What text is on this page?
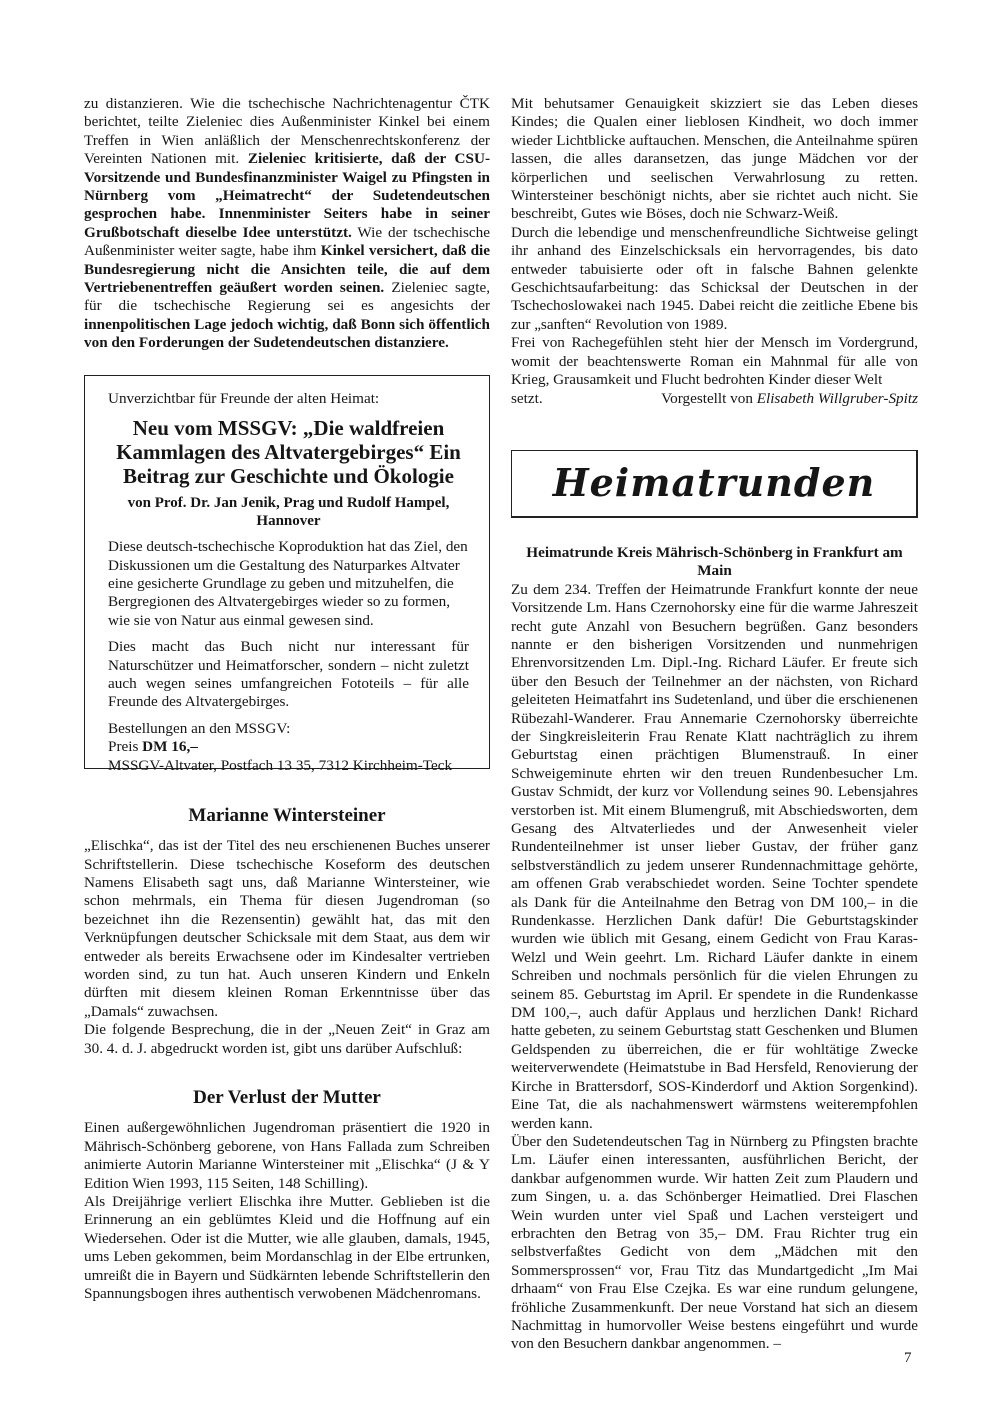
zu distanzieren. Wie die tschechische Nachrichtenagentur ČTK berichtet, teilte Zieleniec dies Außenminister Kinkel bei einem Treffen in Wien anläßlich der Menschenrechtskonferenz der Vereinten Nationen mit. Zieleniec kritisierte, daß der CSU-Vorsitzende und Bundesfinanzminister Waigel zu Pfingsten in Nürnberg vom „Heimatrecht“ der Sudetendeutschen gesprochen habe. Innenminister Seiters habe in seiner Grußbotschaft dieselbe Idee unterstützt. Wie der tschechische Außenminister weiter sagte, habe ihm Kinkel versichert, daß die Bundesregierung nicht die Ansichten teile, die auf dem Vertriebenentreffen geäußert worden seinen. Zieleniec sagte, für die tschechische Regierung sei es angesichts der innenpolitischen Lage jedoch wichtig, daß Bonn sich öffentlich von den Forderungen der Sudetendeutschen distanziere.

Unverzichtbar für Freunde der alten Heimat:

Neu vom MSSGV: „Die waldfreien Kammlagen des Altvatergebirges“ Ein Beitrag zur Geschichte und Ökologie

von Prof. Dr. Jan Jenik, Prag und Rudolf Hampel, Hannover

Diese deutsch-tschechische Koproduktion hat das Ziel, den Diskussionen um die Gestaltung des Naturparkes Altvater eine gesicherte Grundlage zu geben und mitzuhelfen, die Bergregionen des Altvatergebirges wieder so zu formen, wie sie von Natur aus einmal gewesen sind.

Dies macht das Buch nicht nur interessant für Naturschützer und Heimatforscher, sondern – nicht zuletzt auch wegen seines umfangreichen Fototeils – für alle Freunde des Altvatergebirges.

Bestellungen an den MSSGV:

Preis DM 16,–

MSSGV-Altvater, Postfach 13 35, 7312 Kirchheim-Teck

Marianne Wintersteiner

„Elischka“, das ist der Titel des neu erschienenen Buches unserer Schriftstellerin. Diese tschechische Koseform des deutschen Namens Elisabeth sagt uns, daß Marianne Wintersteiner, wie schon mehrmals, ein Thema für diesen Jugendroman (so bezeichnet ihn die Rezensentin) gewählt hat, das mit den Verknüpfungen deutscher Schicksale mit dem Staat, aus dem wir entweder als bereits Erwachsene oder im Kindesalter vertrieben worden sind, zu tun hat. Auch unseren Kindern und Enkeln dürften mit diesem kleinen Roman Erkenntnisse über das „Damals“ zuwachsen.

Die folgende Besprechung, die in der „Neuen Zeit“ in Graz am 30. 4. d. J. abgedruckt worden ist, gibt uns darüber Aufschluß:

Der Verlust der Mutter

Einen außergewöhnlichen Jugendroman präsentiert die 1920 in Mährisch-Schönberg geborene, von Hans Fallada zum Schreiben animierte Autorin Marianne Wintersteiner mit „Elischka“ (J & Y Edition Wien 1993, 115 Seiten, 148 Schilling).

Als Dreijährige verliert Elischka ihre Mutter. Geblieben ist die Erinnerung an ein geblümtes Kleid und die Hoffnung auf ein Wiedersehen. Oder ist die Mutter, wie alle glauben, damals, 1945, ums Leben gekommen, beim Mordanschlag in der Elbe ertrunken, umreißt die in Bayern und Südkärnten lebende Schriftstellerin den Spannungsbogen ihres authentisch verwobenen Mädchenromans.

Mit behutsamer Genauigkeit skizziert sie das Leben dieses Kindes; die Qualen einer lieblosen Kindheit, wo doch immer wieder Lichtblicke auftauchen. Menschen, die Anteilnahme spüren lassen, die alles daransetzen, das junge Mädchen vor der körperlichen und seelischen Verwahrlosung zu retten. Wintersteiner beschönigt nichts, aber sie richtet auch nicht. Sie beschreibt, Gutes wie Böses, doch nie Schwarz-Weiß.

Durch die lebendige und menschenfreundliche Sichtweise gelingt ihr anhand des Einzelschicksals ein hervorragendes, bis dato entweder tabuisierte oder oft in falsche Bahnen gelenkte Geschichtsaufarbeitung: das Schicksal der Deutschen in der Tschechoslowakei nach 1945. Dabei reicht die zeitliche Ebene bis zur „sanften“ Revolution von 1989.

Frei von Rachegefühlen steht hier der Mensch im Vordergrund, womit der beachtenswerte Roman ein Mahnmal für alle von Krieg, Grausamkeit und Flucht bedrohten Kinder dieser Welt

setzt.	Vorgestellt von Elisabeth Willgruber-Spitz

Heimatrunden

Heimatrunde Kreis Mährisch-Schönberg in Frankfurt am Main

Zu dem 234. Treffen der Heimatrunde Frankfurt konnte der neue Vorsitzende Lm. Hans Czernohorsky eine für die warme Jahreszeit recht gute Anzahl von Besuchern begrüßen. Ganz besonders nannte er den bisherigen Vorsitzenden und nunmehrigen Ehrenvorsitzenden Lm. Dipl.-Ing. Richard Läufer. Er freute sich über den Besuch der Teilnehmer an der nächsten, von Richard geleiteten Heimatfahrt ins Sudetenland, und über die erschienenen Rübezahl-Wanderer. Frau Annemarie Czernohorsky überreichte der Singkreisleiterin Frau Renate Klatt nachträglich zu ihrem Geburtstag einen prächtigen Blumenstrauß. In einer Schweigeminute ehrten wir den treuen Rundenbesucher Lm. Gustav Schmidt, der kurz vor Vollendung seines 90. Lebensjahres verstorben ist. Mit einem Blumengruß, mit Abschiedsworten, dem Gesang des Altvaterliedes und der Anwesenheit vieler Rundenteilnehmer ist unser lieber Gustav, der früher ganz selbstverständlich zu jedem unserer Rundennachmittage gehörte, am offenen Grab verabschiedet worden. Seine Tochter spendete als Dank für die Anteilnahme den Betrag von DM 100,– in die Rundenkasse. Herzlichen Dank dafür! Die Geburtstagskinder wurden wie üblich mit Gesang, einem Gedicht von Frau Karas-Welzl und Wein geehrt. Lm. Richard Läufer dankte in einem Schreiben und nochmals persönlich für die vielen Ehrungen zu seinem 85. Geburtstag im April. Er spendete in die Rundenkasse DM 100,–, auch dafür Applaus und herzlichen Dank! Richard hatte gebeten, zu seinem Geburtstag statt Geschenken und Blumen Geldspenden zu überreichen, die er für wohltätige Zwecke weiterverwendete (Heimatstube in Bad Hersfeld, Renovierung der Kirche in Brattersdorf, SOS-Kinderdorf und Aktion Sorgenkind). Eine Tat, die als nachahmenswert wärmstens weiterempfohlen werden kann.

Über den Sudetendeutschen Tag in Nürnberg zu Pfingsten brachte Lm. Läufer einen interessanten, ausführlichen Bericht, der dankbar aufgenommen wurde. Wir hatten Zeit zum Plaudern und zum Singen, u. a. das Schönberger Heimatlied. Drei Flaschen Wein wurden unter viel Spaß und Lachen versteigert und erbrachten den Betrag von 35,– DM. Frau Richter trug ein selbstverfaßtes Gedicht von dem „Mädchen mit den Sommersprossen“ vor, Frau Titz das Mundartgedicht „Im Mai drhaam“ von Frau Else Czejka. Es war eine rundum gelungene, fröhliche Zusammenkunft. Der neue Vorstand hat sich an diesem Nachmittag in humorvoller Weise bestens eingeführt und wurde von den Besuchern dankbar angenommen. –

7
